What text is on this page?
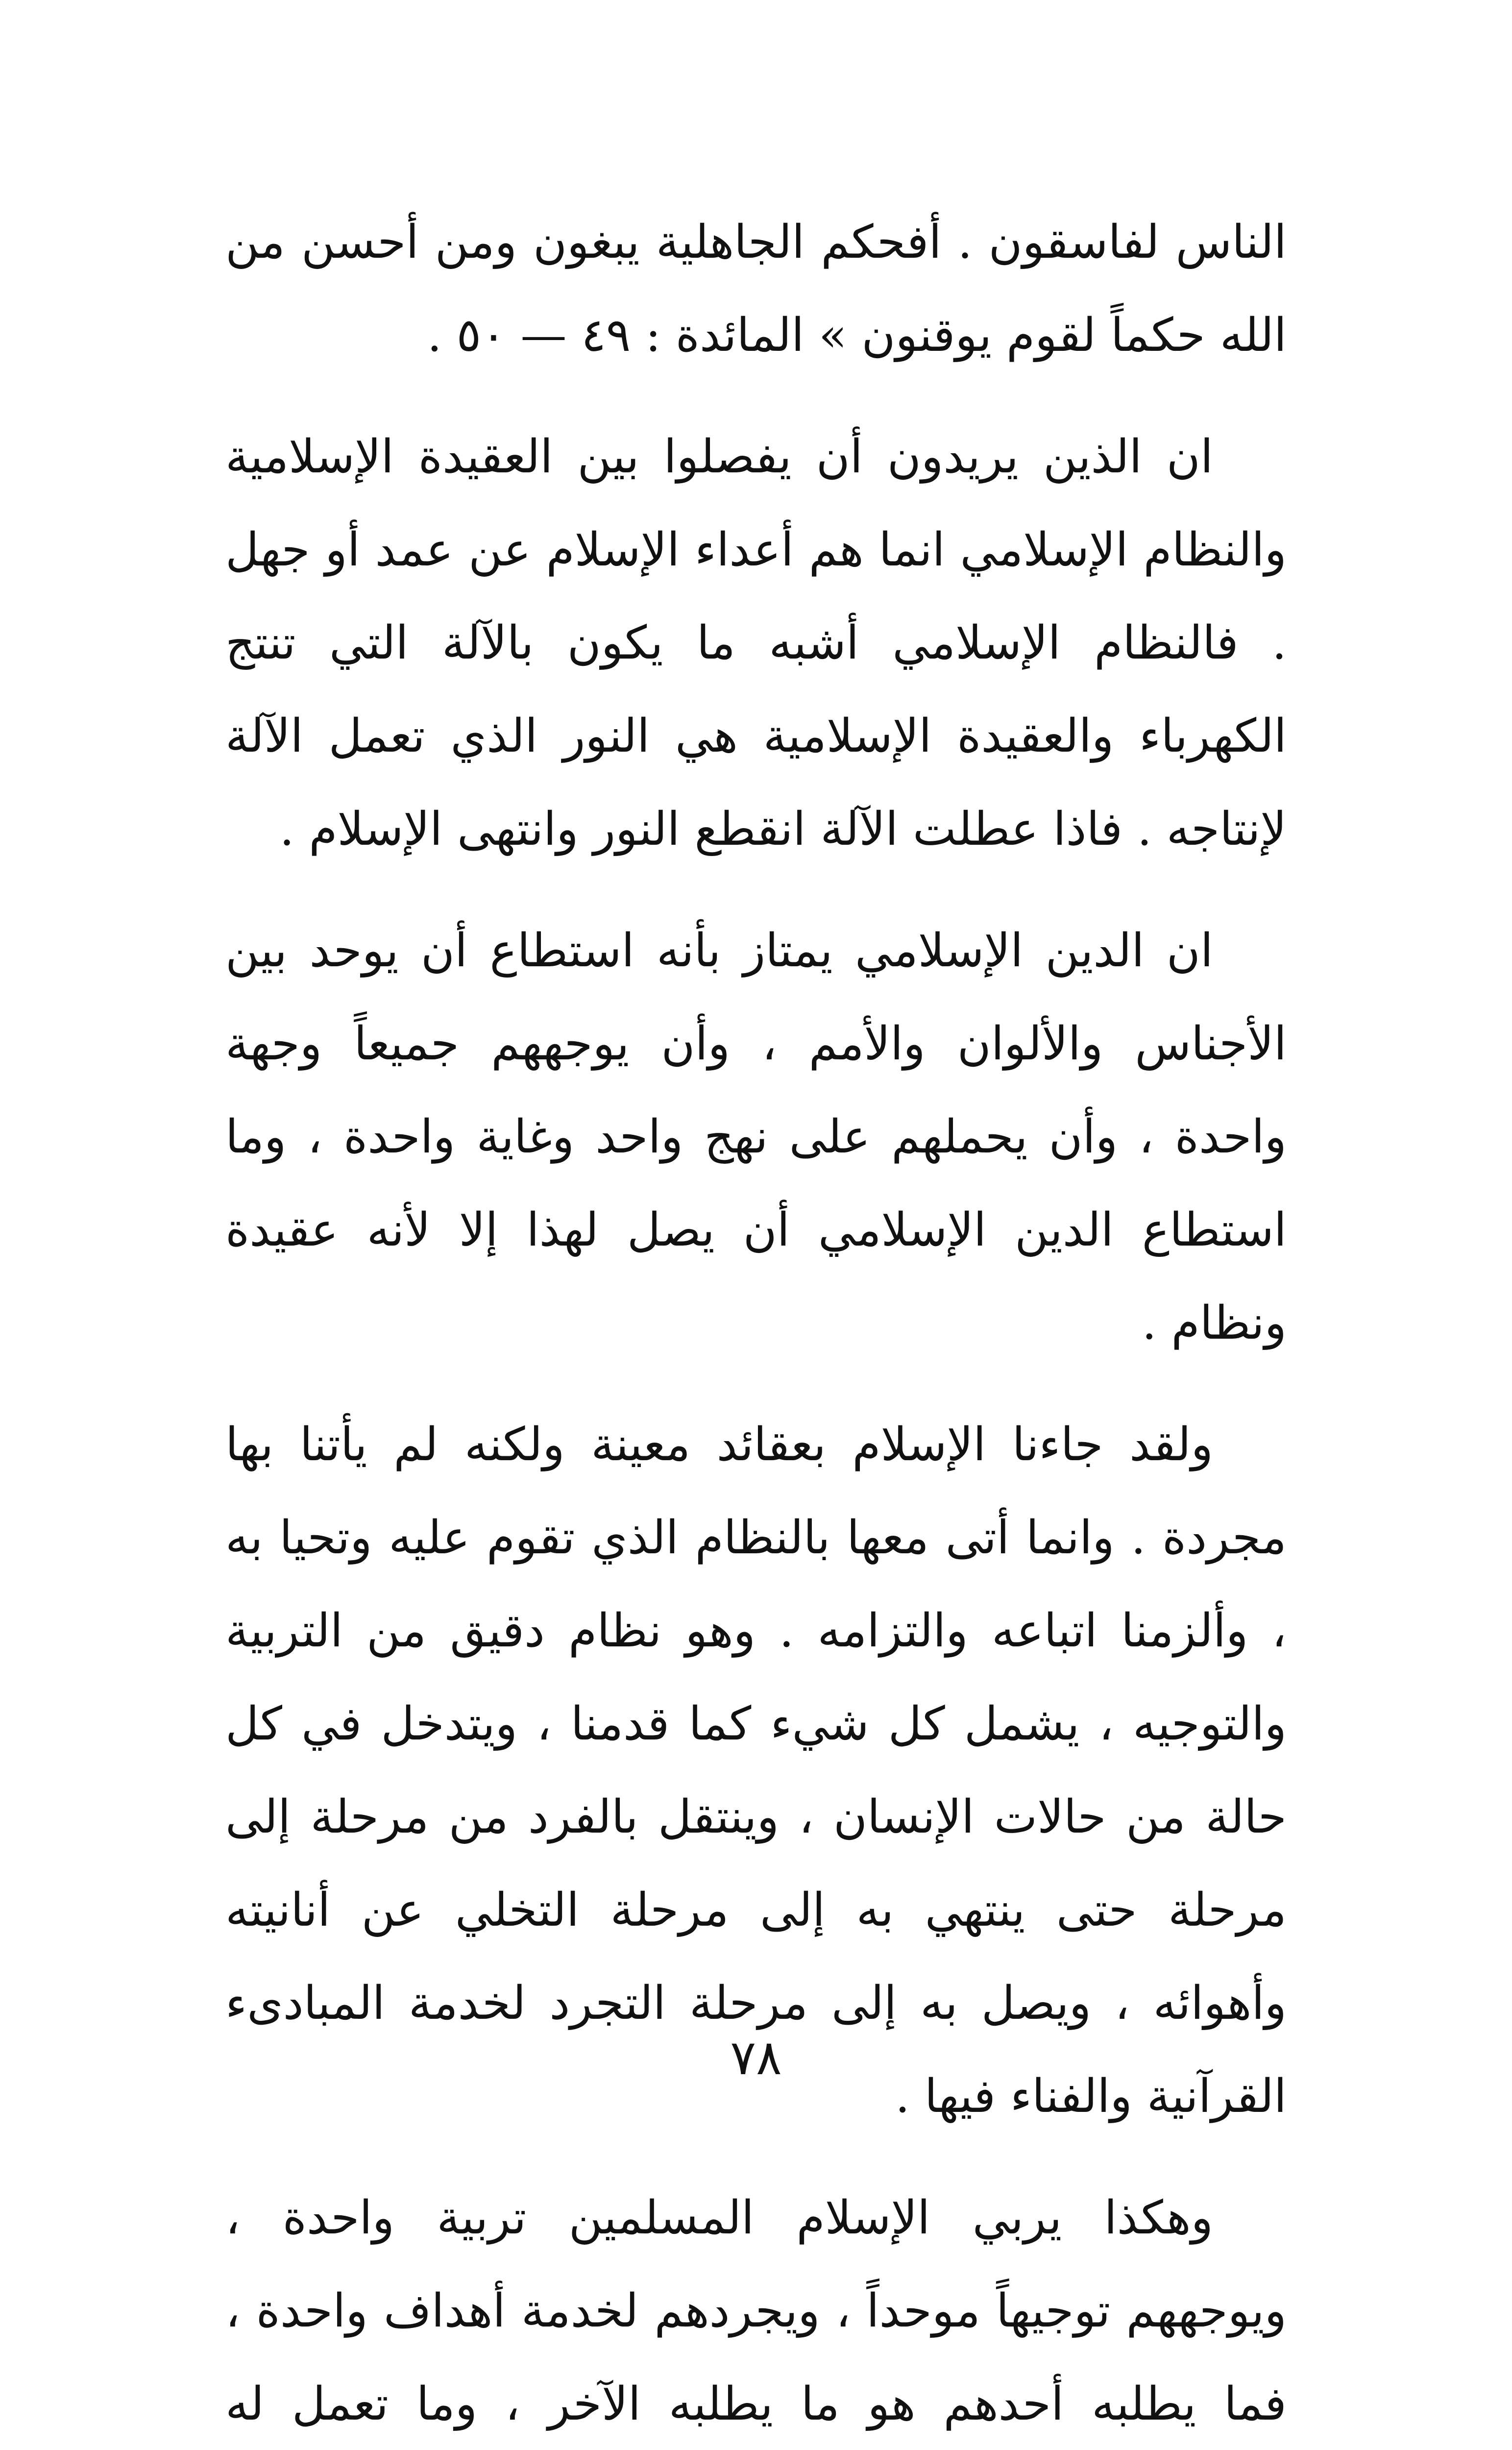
الناس لفاسقون . أفحكم الجاهلية يبغون ومن أحسن من الله حكماً لقوم يوقنون » المائدة : ٤٩ — ٥٠ .

ان الذين يريدون أن يفصلوا بين العقيدة الإسلامية والنظام الإسلامي انما هم أعداء الإسلام عن عمد أو جهل . فالنظام الإسلامي أشبه ما يكون بالآلة التي تنتج الكهرباء والعقيدة الإسلامية هي النور الذي تعمل الآلة لإنتاجه . فاذا عطلت الآلة انقطع النور وانتهى الإسلام .

ان الدين الإسلامي يمتاز بأنه استطاع أن يوحد بين الأجناس والألوان والأمم ، وأن يوجههم جميعاً وجهة واحدة ، وأن يحملهم على نهج واحد وغاية واحدة ، وما استطاع الدين الإسلامي أن يصل لهذا إلا لأنه عقيدة ونظام .

ولقد جاءنا الإسلام بعقائد معينة ولكنه لم يأتنا بها مجردة . وانما أتى معها بالنظام الذي تقوم عليه وتحيا به ، وألزمنا اتباعه والتزامه . وهو نظام دقيق من التربية والتوجيه ، يشمل كل شيء كما قدمنا ، ويتدخل في كل حالة من حالات الإنسان ، وينتقل بالفرد من مرحلة إلى مرحلة حتى ينتهي به إلى مرحلة التخلي عن أنانيته وأهوائه ، ويصل به إلى مرحلة التجرد لخدمة المبادىء القرآنية والفناء فيها .

وهكذا يربي الإسلام المسلمين تربية واحدة ، ويوجههم توجيهاً موحداً ، ويجردهم لخدمة أهداف واحدة ، فما يطلبه أحدهم هو ما يطلبه الآخر ، وما تعمل له

٧٨
